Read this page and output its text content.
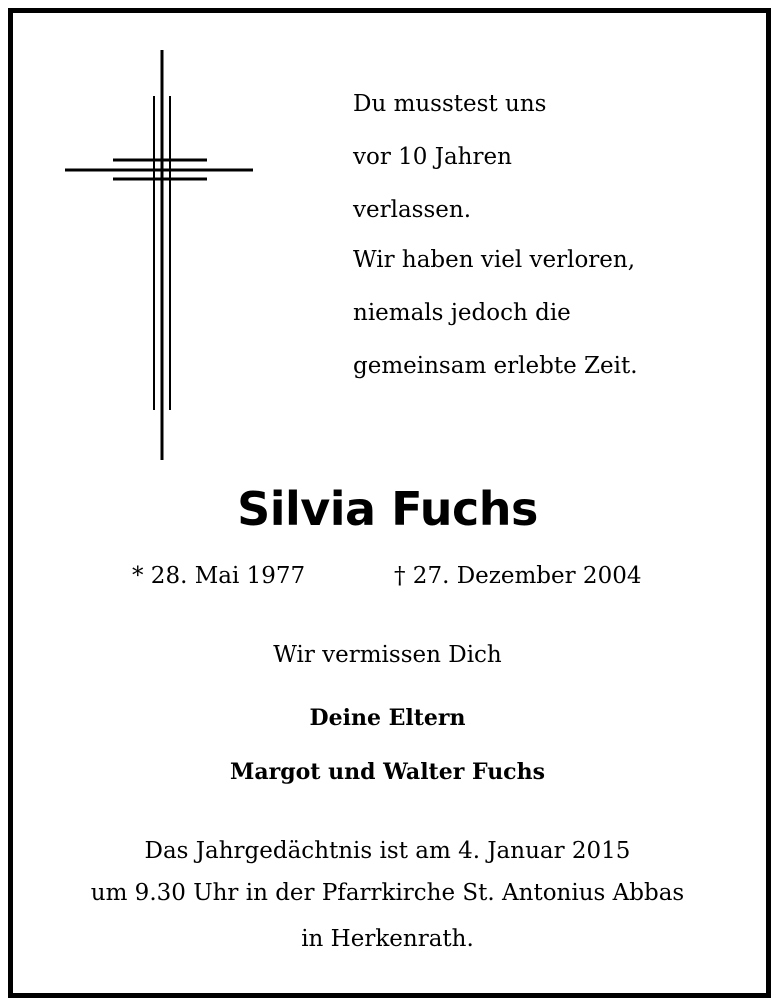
Du musstest uns
vor 10 Jahren
verlassen.
Wir haben viel verloren,
niemals jedoch die
gemeinsam erlebte Zeit.
Silvia Fuchs
* 28. Mai 1977	† 27. Dezember 2004
Wir vermissen Dich
Deine Eltern
Margot und Walter Fuchs
Das Jahrgedächtnis ist am 4. Januar 2015
um 9.30 Uhr in der Pfarrkirche St. Antonius Abbas
in Herkenrath.
